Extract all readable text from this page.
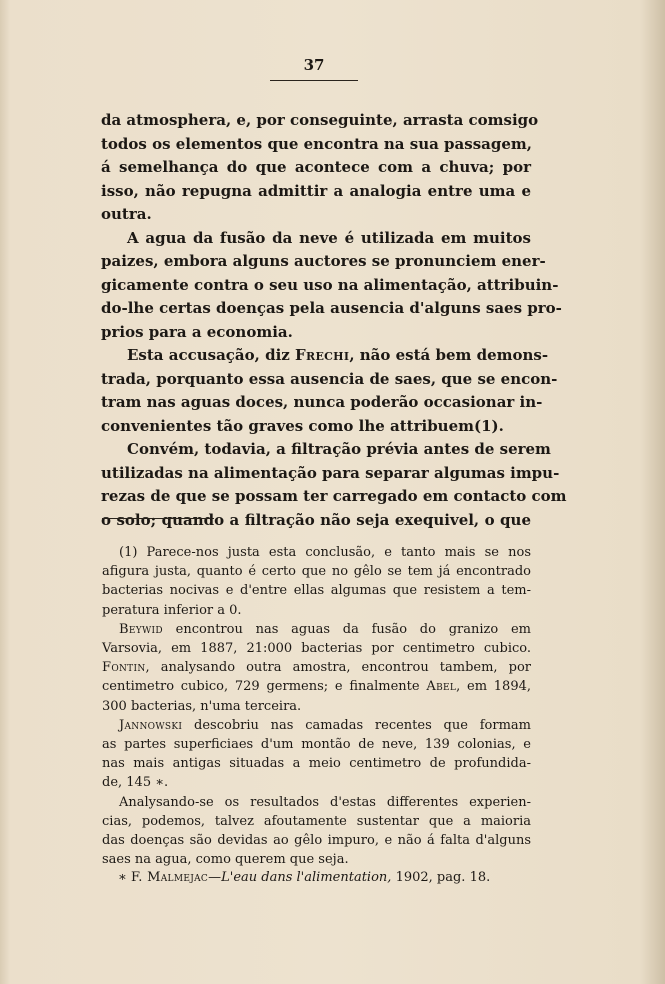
37
da atmosphera, e, por conseguinte, arrasta comsigo
todos os elementos que encontra na sua passagem,
á semelhança do que acontece com a chuva; por
isso, não repugna admittir a analogia entre uma e
outra.
A agua da fusão da neve é utilizada em muitos
paizes, embora alguns auctores se pronunciem ener-
gicamente contra o seu uso na alimentação, attribuin-
do-lhe certas doenças pela ausencia d'alguns saes pro-
prios para a economia.
Esta accusação, diz Frechi, não está bem demons-
trada, porquanto essa ausencia de saes, que se encon-
tram nas aguas doces, nunca poderão occasionar in-
convenientes tão graves como lhe attribuem(1).
Convém, todavia, a filtração prévia antes de serem
utilizadas na alimentação para separar algumas impu-
rezas de que se possam ter carregado em contacto com
o solo; quando a filtração não seja exequivel, o que
(1) Parece-nos justa esta conclusão, e tanto mais se nos
afigura justa, quanto é certo que no gêlo se tem já encontrado
bacterias nocivas e d'entre ellas algumas que resistem a tem-
peratura inferior a 0.
Beywid encontrou nas aguas da fusão do granizo em
Varsovia, em 1887, 21:000 bacterias por centimetro cubico.
Fontin, analysando outra amostra, encontrou tambem, por
centimetro cubico, 729 germens; e finalmente Abel, em 1894,
300 bacterias, n'uma terceira.
Jannowski descobriu nas camadas recentes que formam
as partes superficiaes d'um montão de neve, 139 colonias, e
nas mais antigas situadas a meio centimetro de profundida-
de, 145 ∗.
Analysando-se os resultados d'estas differentes experien-
cias, podemos, talvez afoutamente sustentar que a maioria
das doenças são devidas ao gêlo impuro, e não á falta d'alguns
saes na agua, como querem que seja.
∗ F. Malmejac—L'eau dans l'alimentation, 1902, pag. 18.
